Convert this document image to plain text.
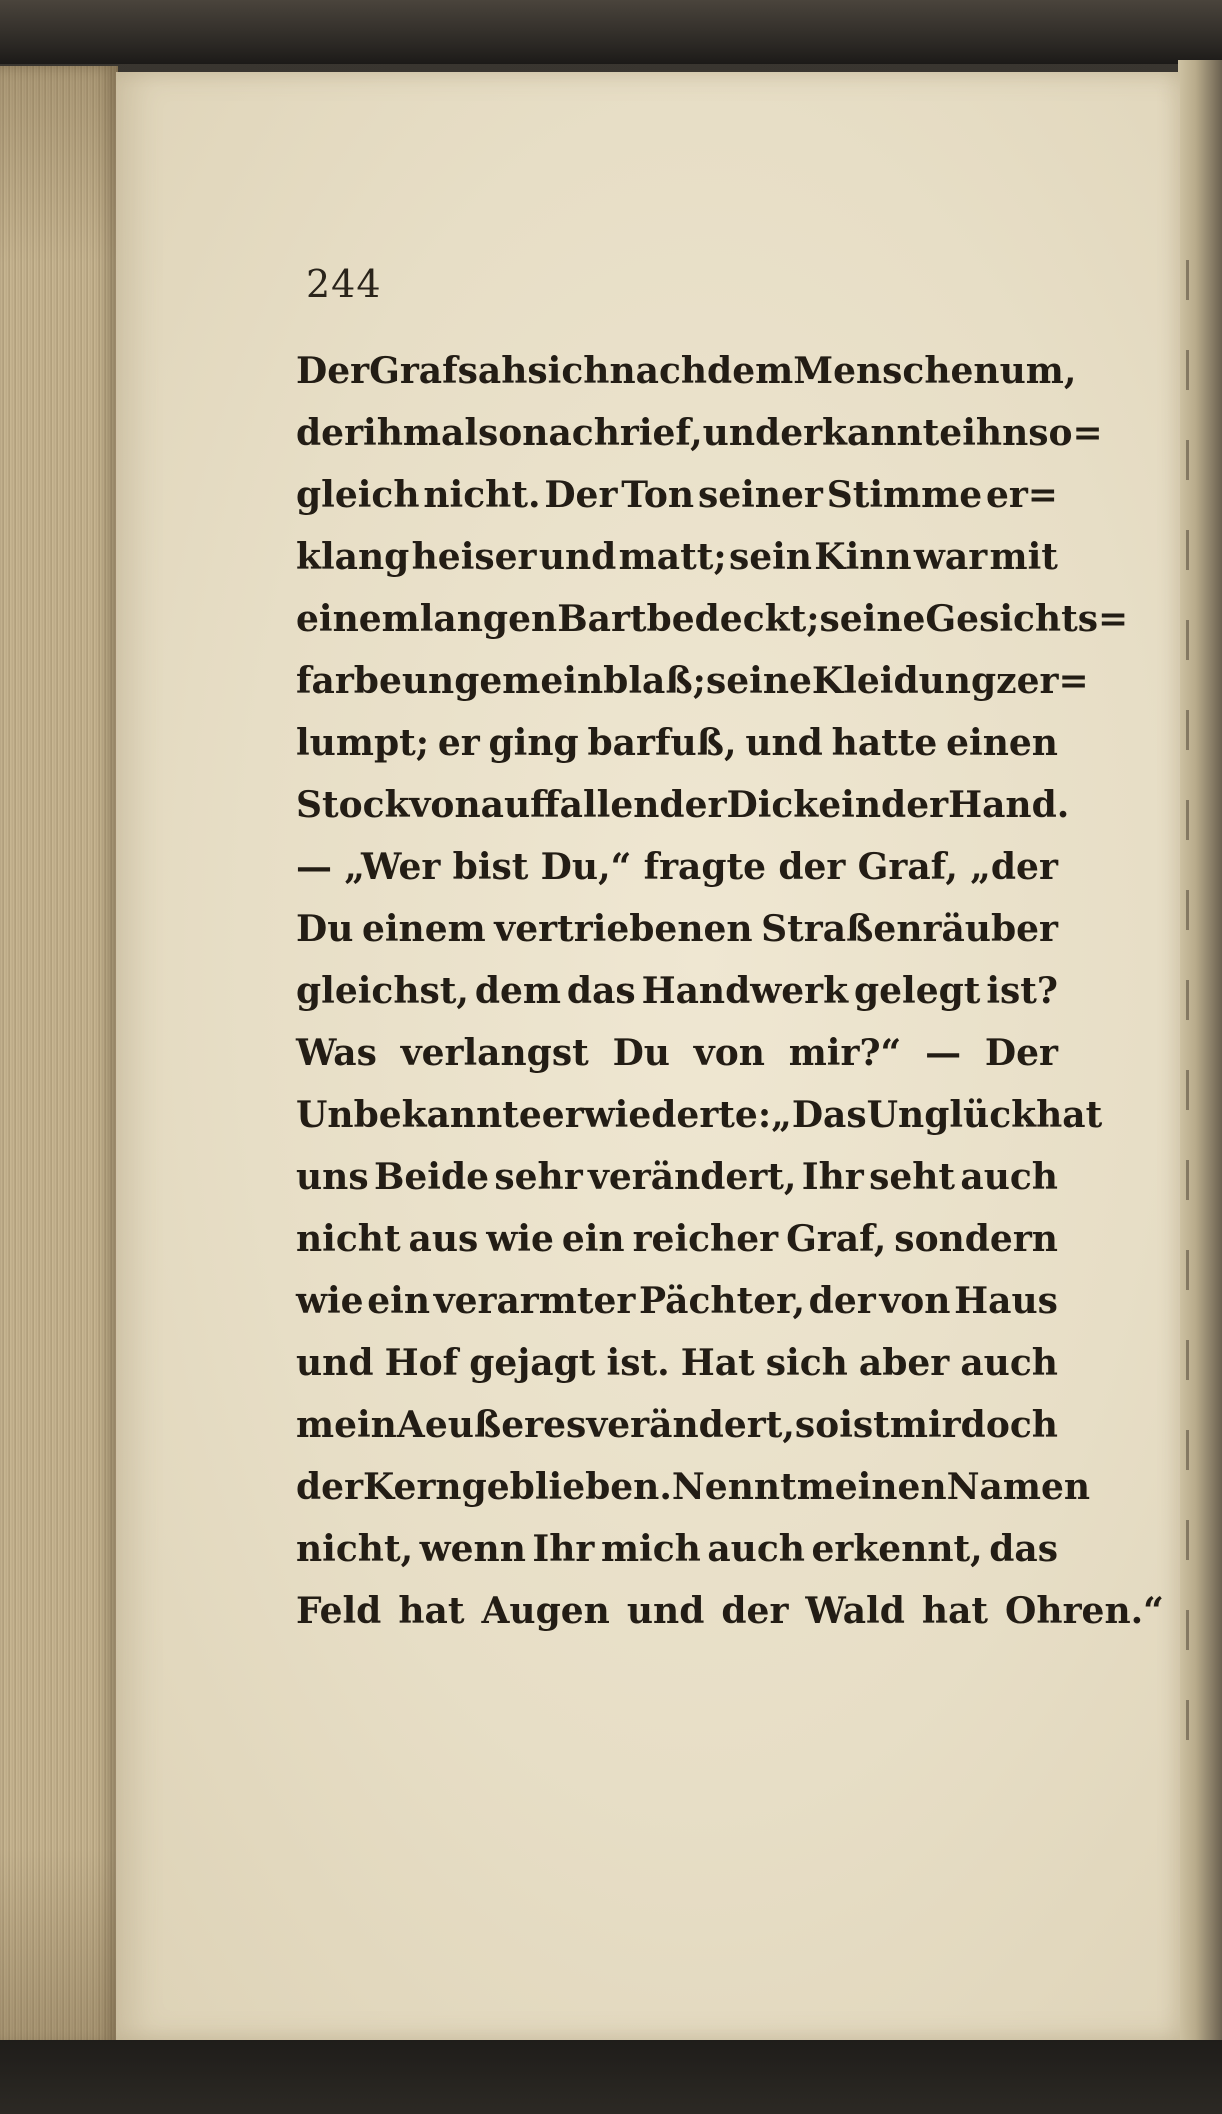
244
Der Graf sah sich nach dem Menschen um,
der ihm also nachrief, und erkannte ihn so=
gleich nicht. Der Ton seiner Stimme er=
klang heiser und matt; sein Kinn war mit
einem langen Bart bedeckt; seine Gesichts=
farbe ungemein blaß; seine Kleidung zer=
lumpt; er ging barfuß, und hatte einen
Stock von auffallender Dicke in der Hand.
— „Wer bist Du,“ fragte der Graf, „der
Du einem vertriebenen Straßenräuber
gleichst, dem das Handwerk gelegt ist?
Was verlangst Du von mir?“ — Der
Unbekannte erwiederte: „Das Unglück hat
uns Beide sehr verändert, Ihr seht auch
nicht aus wie ein reicher Graf, sondern
wie ein verarmter Pächter, der von Haus
und Hof gejagt ist. Hat sich aber auch
mein Aeußeres verändert, so ist mir doch
der Kern geblieben. Nennt meinen Namen
nicht, wenn Ihr mich auch erkennt, das
Feld hat Augen und der Wald hat Ohren.“
